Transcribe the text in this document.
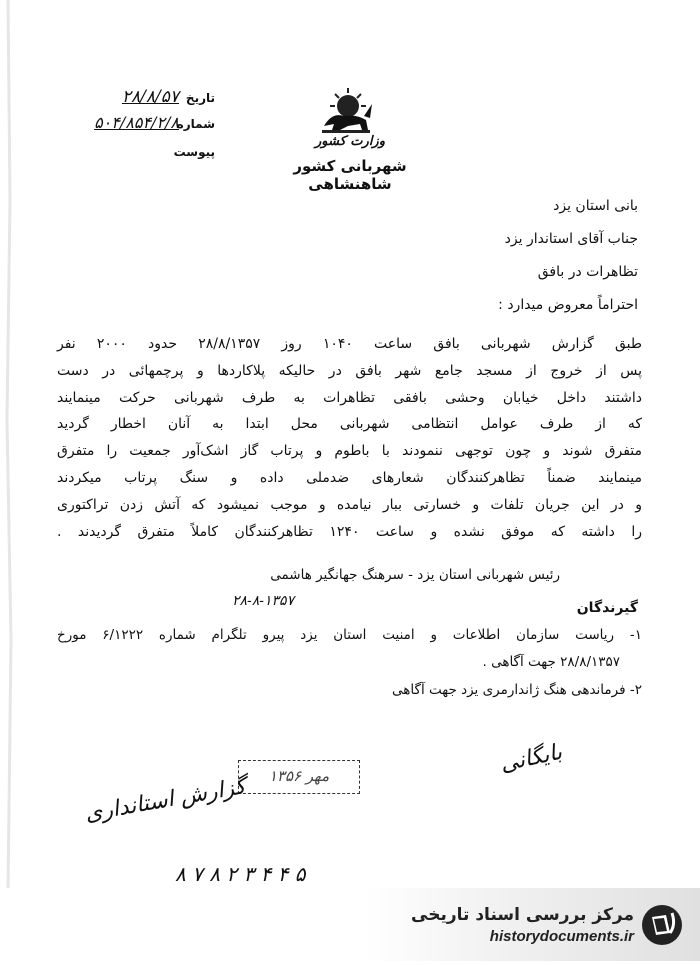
وزارت کشور
شهربانی کشور شاهنشاهی
۲۸/۸/۵۷ تاریخ
۵۰۴/۸۵۴/۲/۸
شماره
پیوست
بانی استان یزد
جناب آقای استاندار یزد
تظاهرات در بافق
احتراماً معروض میدارد :
طبق گزارش شهربانی بافق ساعت ۱۰۴۰ روز ۲۸/۸/۱۳۵۷ حدود ۲۰۰۰ نفر
پس از خروج از مسجد جامع شهر بافق در حالیکه پلاکاردها و پرچمهائی در دست
داشتند داخل خیابان وحشی بافقی تظاهرات به طرف شهربانی حرکت مینمایند
که از طرف عوامل انتظامی شهربانی محل ابتدا به آنان اخطار گردید
متفرق شوند و چون توجهی ننمودند با باطوم و پرتاب گاز اشک‌آور جمعیت را متفرق
مینمایند ضمناً تظاهرکنندگان شعارهای ضدملی داده و سنگ پرتاب میکردند
و در این جریان تلفات و خسارتی ببار نیامده و موجب نمیشود که آتش زدن تراکتوری
را داشته که موفق نشده و ساعت ۱۲۴۰ تظاهرکنندگان کاملاً متفرق گردیدند .
رئیس شهربانی استان یزد - سرهنگ جهانگیر هاشمی
۲۸-۸-۱۳۵۷	گیرندگان
۱- ریاست سازمان اطلاعات و امنیت استان یزد پیرو تلگرام شماره ۶/۱۲۲۲ مورخ
۲۸/۸/۱۳۵۷ جهت آگاهی .
۲- فرماندهی هنگ ژاندارمری یزد جهت آگاهی
مهر ۱۳۵۶	بایگانی
گزارش استانداری
۸ ۷ ۸ ۲ ۳ ۴ ۴ ۵
مرکز بررسی اسناد تاریخی
historydocuments.ir
